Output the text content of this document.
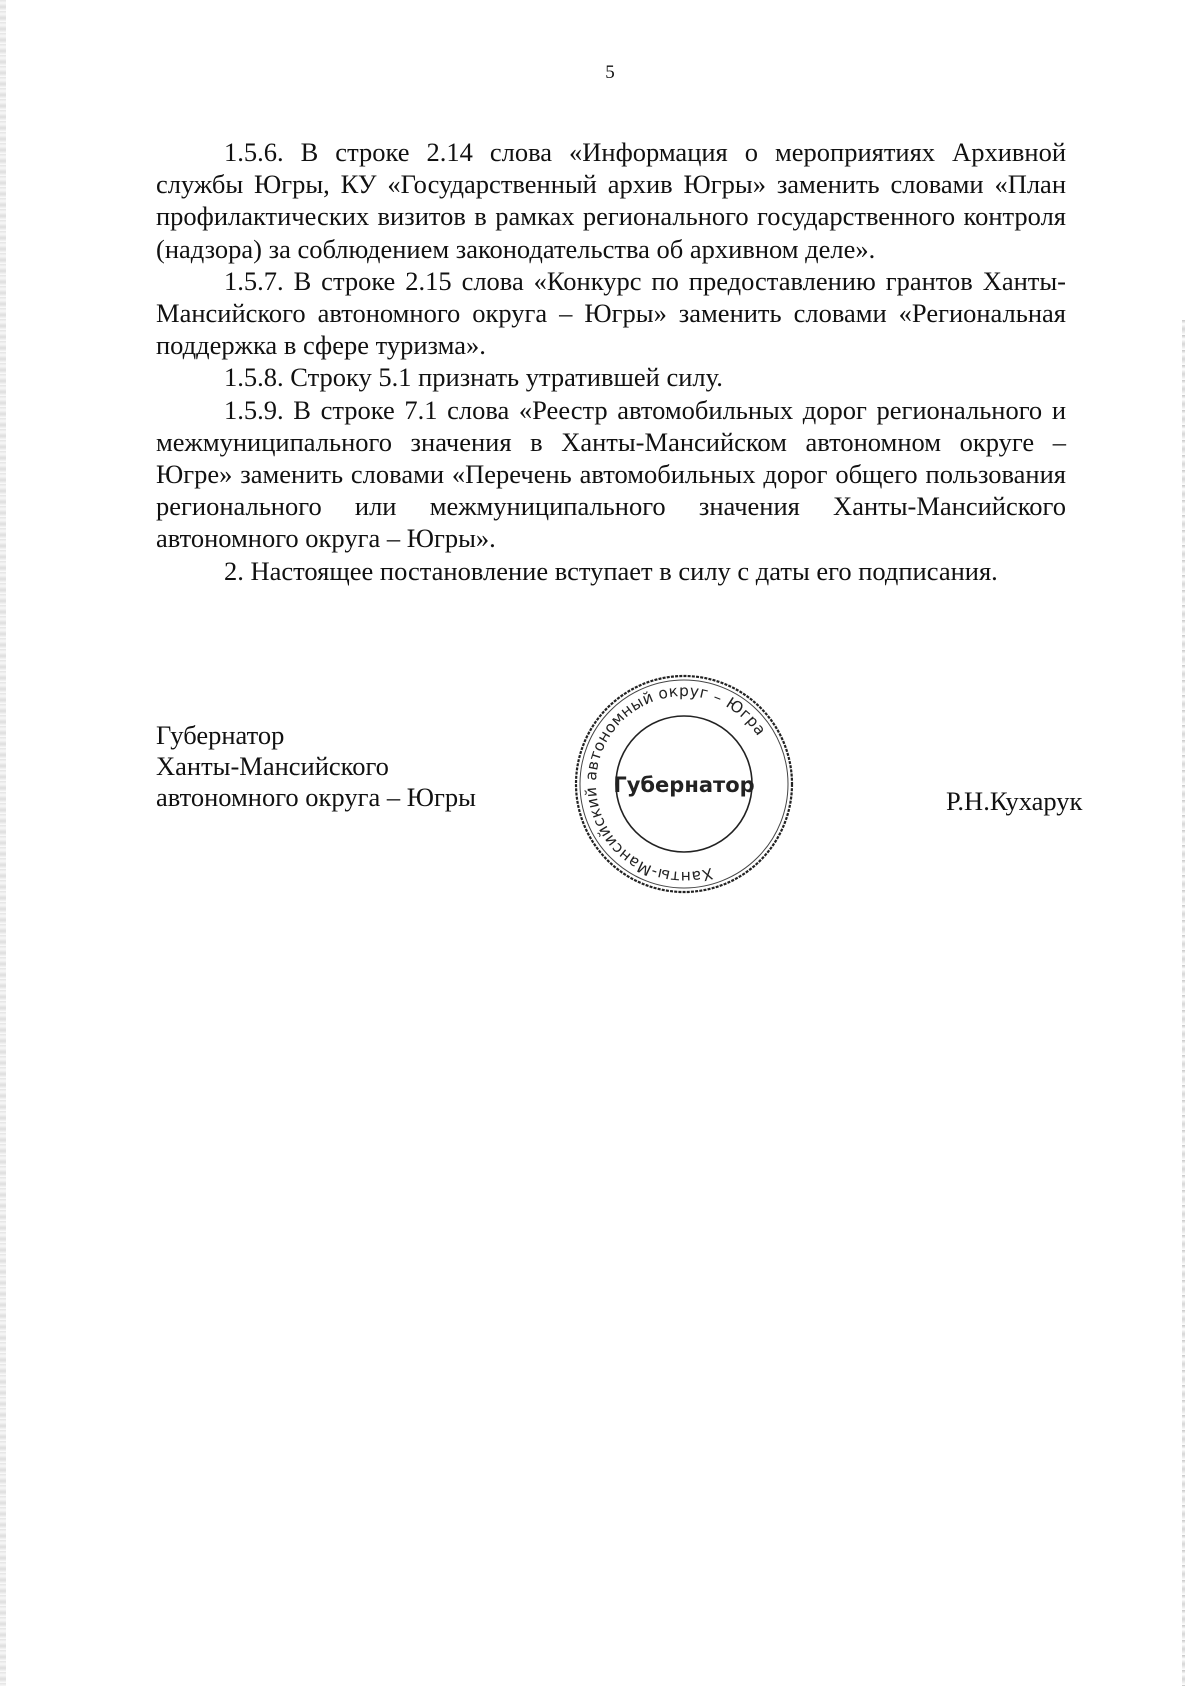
5

1.5.6. В строке 2.14 слова «Информация о мероприятиях Архивной службы Югры, КУ «Государственный архив Югры» заменить словами «План профилактических визитов в рамках регионального государственного контроля (надзора) за соблюдением законодательства об архивном деле».

1.5.7. В строке 2.15 слова «Конкурс по предоставлению грантов Ханты-Мансийского автономного округа – Югры» заменить словами «Региональная поддержка в сфере туризма».

1.5.8. Строку 5.1 признать утратившей силу.

1.5.9. В строке 7.1 слова «Реестр автомобильных дорог регионального и межмуниципального значения в Ханты-Мансийском автономном округе – Югре» заменить словами «Перечень автомобильных дорог общего пользования регионального или межмуниципального значения Ханты-Мансийского автономного округа – Югры».

2. Настоящее постановление вступает в силу с даты его подписания.

Губернатор
Ханты-Мансийского
автономного округа – Югры
Ханты-Мансийский автономный округ – Югра
Губернатор
Р.Н.Кухарук
